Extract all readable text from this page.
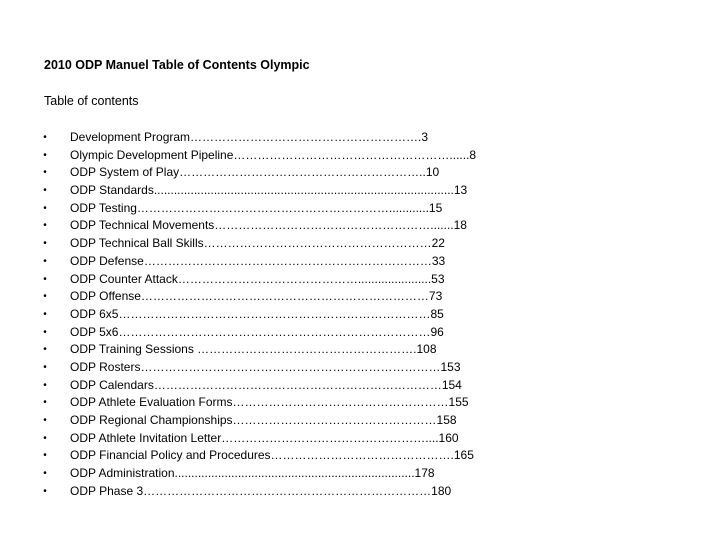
2010 ODP Manuel Table of Contents Olympic
Table of contents
• Development Program………………………………………………….3
• Olympic Development Pipeline………………………………………………......8
• ODP System of Play……………………………………………………..10
• ODP Standards..........................................................................................13
• ODP Testing………………………………………………………............15
• ODP Technical Movements……………………………………………….......18
• ODP Technical Ball Skills…………………………………………………22
• ODP Defense………………………………………………………………33
• ODP Counter Attack………………………………………......................53
• ODP Offense………………………………………………………………73
• ODP 6x5……………………………………………………………………85
• ODP 5x6……………………………………………………………………96
• ODP Training Sessions ……………………………………………….108
• ODP Rosters…………………………………………………………………153
• ODP Calendars………………………………………………………………154
• ODP Athlete Evaluation Forms………………………………………………155
• ODP Regional Championships……………………………………………158
• ODP Athlete Invitation Letter……………………………………………....160
• ODP Financial Policy and Procedures……………………………………….165
• ODP Administration........................................................................178
• ODP Phase 3………………………………………………………………180
